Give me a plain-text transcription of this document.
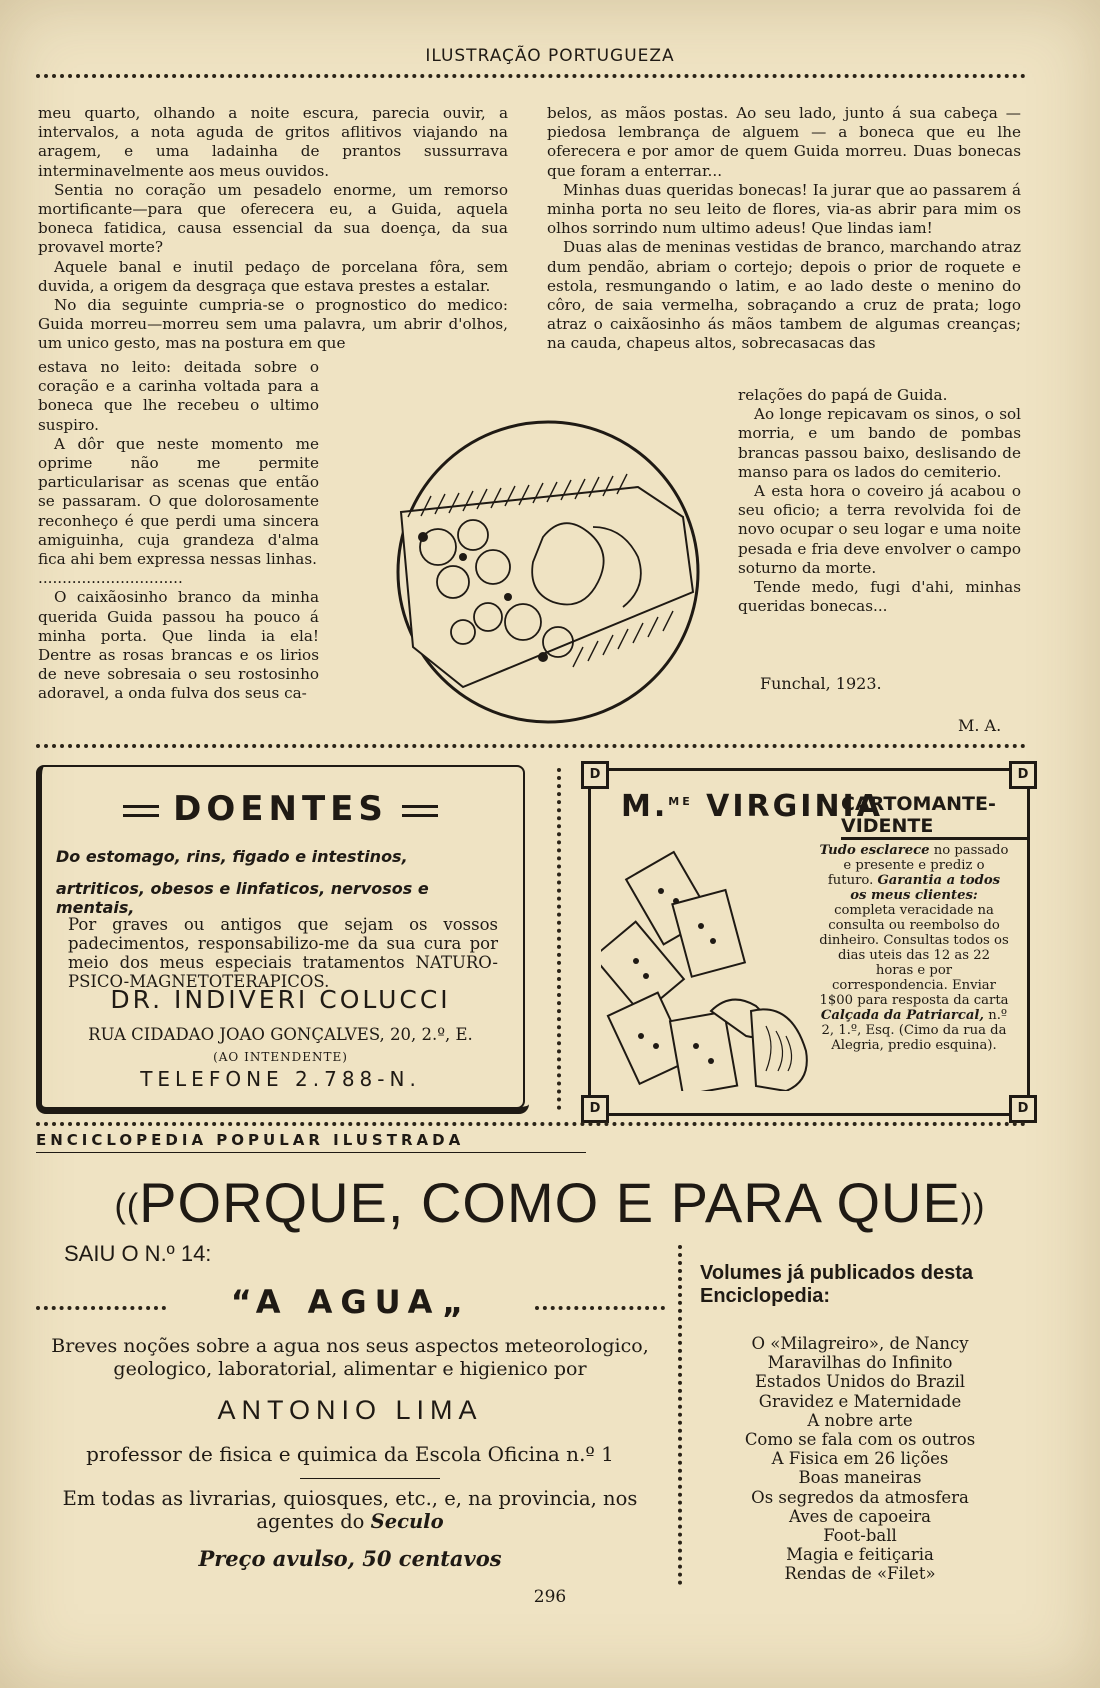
ILUSTRAÇÃO PORTUGUEZA

meu quarto, olhando a noite escura, parecia ouvir, a intervalos, a nota aguda de gritos aflitivos viajando na aragem, e uma ladainha de prantos sussurrava interminavelmente aos meus ouvidos.

Sentia no coração um pesadelo enorme, um remorso mortificante—para que oferecera eu, a Guida, aquela boneca fatidica, causa essencial da sua doença, da sua provavel morte?

Aquele banal e inutil pedaço de porcelana fôra, sem duvida, a origem da desgraça que estava prestes a estalar.

No dia seguinte cumpria-se o prognostico do medico: Guida morreu—morreu sem uma palavra, um abrir d'olhos, um unico gesto, mas na postura em que

estava no leito: deitada sobre o coração e a carinha voltada para a boneca que lhe recebeu o ultimo suspiro.

A dôr que neste momento me oprime não me permite particularisar as scenas que então se passaram. O que dolorosamente reconheço é que perdi uma sincera amiguinha, cuja grandeza d'alma fica ahi bem expressa nessas linhas.

..............................

O caixãosinho branco da minha querida Guida passou ha pouco á minha porta. Que linda ia ela! Dentre as rosas brancas e os lirios de neve sobresaia o seu rostosinho adoravel, a onda fulva dos seus ca-

belos, as mãos postas. Ao seu lado, junto á sua cabeça — piedosa lembrança de alguem — a boneca que eu lhe oferecera e por amor de quem Guida morreu. Duas bonecas que foram a enterrar...

Minhas duas queridas bonecas! Ia jurar que ao passarem á minha porta no seu leito de flores, via-as abrir para mim os olhos sorrindo num ultimo adeus! Que lindas iam!

Duas alas de meninas vestidas de branco, marchando atraz dum pendão, abriam o cortejo; depois o prior de roquete e estola, resmungando o latim, e ao lado deste o menino do côro, de saia vermelha, sobraçando a cruz de prata; logo atraz o caixãosinho ás mãos tambem de algumas creanças; na cauda, chapeus altos, sobrecasacas das

relações do papá de Guida.

Ao longe repicavam os sinos, o sol morria, e um bando de pombas brancas passou baixo, deslisando de manso para os lados do cemiterio.

A esta hora o coveiro já acabou o seu oficio; a terra revolvida foi de novo ocupar o seu logar e uma noite pesada e fria deve envolver o campo soturno da morte.

Tende medo, fugi d'ahi, minhas queridas bonecas...

Funchal, 1923.
M. A.
DOENTES
Do estomago, rins, figado e intestinos,
artriticos, obesos e linfaticos, nervosos e mentais,
Por graves ou antigos que sejam os vossos padecimentos, responsabilizo-me da sua cura por meio dos meus especiais tratamentos NATURO-PSICO-MAGNETOTERAPICOS.
DR. INDIVERI COLUCCI
RUA CIDADAO JOAO GONÇALVES, 20, 2.º, E.
(AO INTENDENTE)
TELEFONE 2.788-N.
D	D
D	D
M.$^{ME}$ VIRGINIA
CARTOMANTE-VIDENTE
Tudo esclarece no passado e presente e prediz o futuro. Garantia a todos os meus clientes: completa veracidade na consulta ou reembolso do dinheiro. Consultas todos os dias uteis das 12 as 22 horas e por correspondencia. Enviar 1$00 para resposta da carta Calçada da Patriarcal, n.º 2, 1.º, Esq. (Cimo da rua da Alegria, predio esquina).
ENCICLOPEDIA POPULAR ILUSTRADA
((PORQUE, COMO E PARA QUE))
SAIU O N.º 14:
“A AGUA„
Breves noções sobre a agua nos seus aspectos meteorologico, geologico, laboratorial, alimentar e higienico por
ANTONIO LIMA
professor de fisica e quimica da Escola Oficina n.º 1
Em todas as livrarias, quiosques, etc., e, na provincia, nos agentes do Seculo
Preço avulso, 50 centavos
Volumes já publicados desta Enciclopedia:
O «Milagreiro», de Nancy
Maravilhas do Infinito
Estados Unidos do Brazil
Gravidez e Maternidade
A nobre arte
Como se fala com os outros
A Fisica em 26 lições
Boas maneiras
Os segredos da atmosfera
Aves de capoeira
Foot-ball
Magia e feitiçaria
Rendas de «Filet»
296
